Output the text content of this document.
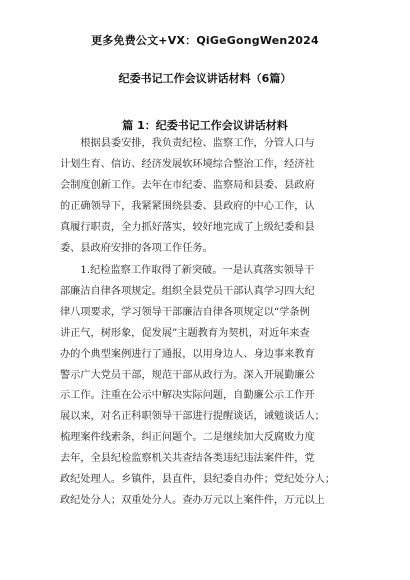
更多免费公文+VX：QiGeGongWen2024
纪委书记工作会议讲话材料（6篇）
篇 1：纪委书记工作会议讲话材料
　　根据县委安排，我负责纪检、监察工作，分管人口与
计划生育、信访、经济发展软环境综合整治工作，经济社
会制度创新工作。去年在市纪委、监察局和县委、县政府
的正确领导下，我紧紧围绕县委、县政府的中心工作，认
真履行职责，全力抓好落实，较好地完成了上级纪委和县
委、县政府安排的各项工作任务。
　　1.纪检监察工作取得了新突破。一是认真落实领导干
部廉洁自律各项规定。组织全县党员干部认真学习四大纪
律八项要求，学习领导干部廉洁自律各项规定以“学条例
讲正气，树形象，促发展”主题教育为契机，对近年来查
办的个典型案例进行了通报，以用身边人、身边事来教育
警示广大党员干部，规范干部从政行为。深入开展勤廉公
示工作。注重在公示中解决实际问题，自勤廉公示工作开
展以来，对名正科职领导干部进行提醒谈话，诫勉谈话人；
梳理案件线索条，纠正问题个。二是继续加大反腐败力度
去年，全县纪检监察机关共查结各类违纪违法案件件，党
政纪处理人。乡镇件，县直件，县纪委自办件；党纪处分人；
政纪处分人；双重处分人。查办万元以上案件件，万元以上
